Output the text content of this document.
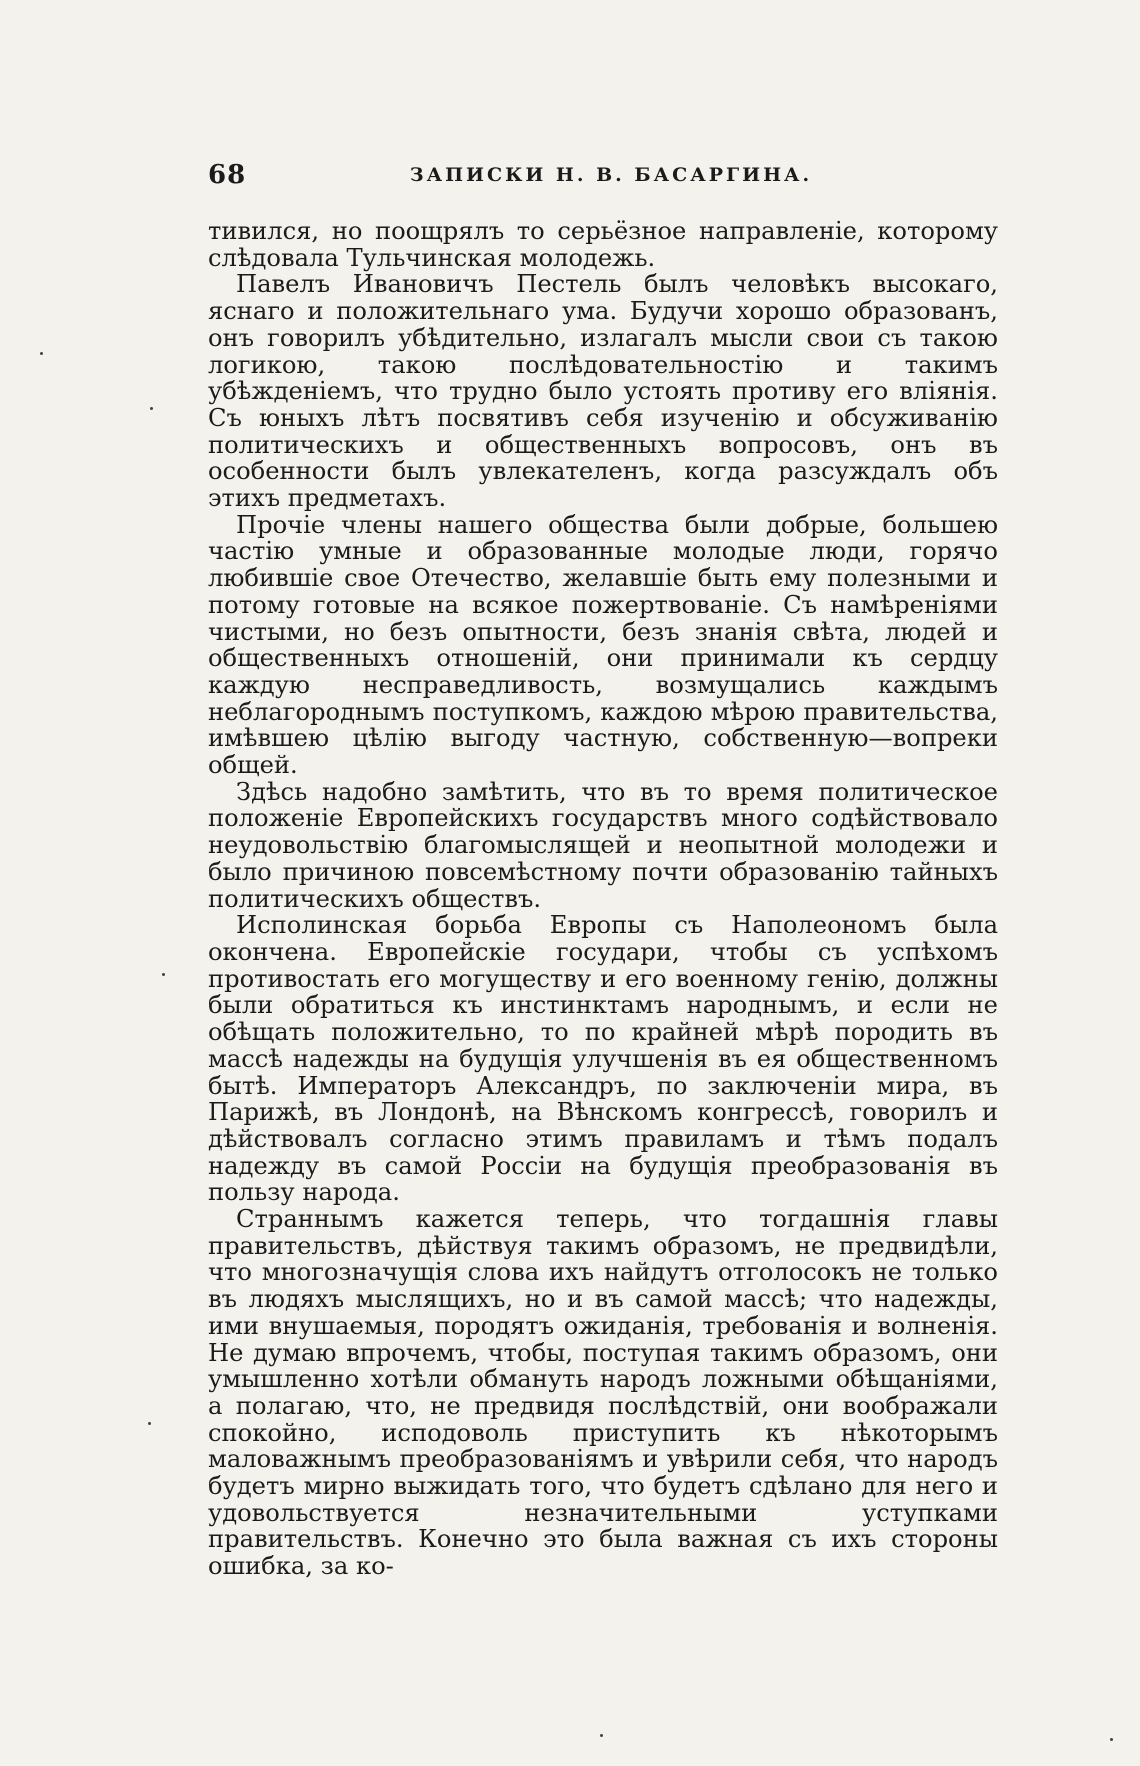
68	ЗАПИСКИ Н. В. БАСАРГИНА.

тивился, но поощрялъ то серьёзное направленіе, которому слѣдовала Тульчинская молодежь.

Павелъ Ивановичъ Пестель былъ человѣкъ высокаго, яснаго и положительнаго ума. Будучи хорошо образованъ, онъ говорилъ убѣдительно, излагалъ мысли свои съ такою логикою, такою послѣдовательностію и такимъ убѣжденіемъ, что трудно было устоять противу его вліянія. Съ юныхъ лѣтъ посвятивъ себя изученію и обсуживанію политическихъ и общественныхъ вопросовъ, онъ въ особенности былъ увлекателенъ, когда разсуждалъ объ этихъ предметахъ.

Прочіе члены нашего общества были добрые, большею частію умные и образованные молодые люди, горячо любившіе свое Отечество, желавшіе быть ему полезными и потому готовые на всякое пожертвованіе. Съ намѣреніями чистыми, но безъ опытности, безъ знанія свѣта, людей и общественныхъ отношеній, они принимали къ сердцу каждую несправедливость, возмущались каждымъ неблагороднымъ поступкомъ, каждою мѣрою правительства, имѣвшею цѣлію выгоду частную, собственную—вопреки общей.

Здѣсь надобно замѣтить, что въ то время политическое положеніе Европейскихъ государствъ много содѣйствовало неудовольствію благомыслящей и неопытной молодежи и было причиною повсемѣстному почти образованію тайныхъ политическихъ обществъ.

Исполинская борьба Европы съ Наполеономъ была окончена. Европейскіе государи, чтобы съ успѣхомъ противостать его могуществу и его военному генію, должны были обратиться къ инстинктамъ народнымъ, и если не обѣщать положительно, то по крайней мѣрѣ породить въ массѣ надежды на будущія улучшенія въ ея общественномъ бытѣ. Императоръ Александръ, по заключеніи мира, въ Парижѣ, въ Лондонѣ, на Вѣнскомъ конгрессѣ, говорилъ и дѣйствовалъ согласно этимъ правиламъ и тѣмъ подалъ надежду въ самой Россіи на будущія преобразованія въ пользу народа.

Страннымъ кажется теперь, что тогдашнія главы правительствъ, дѣйствуя такимъ образомъ, не предвидѣли, что многозначущія слова ихъ найдутъ отголосокъ не только въ людяхъ мыслящихъ, но и въ самой массѣ; что надежды, ими внушаемыя, породятъ ожиданія, требованія и волненія. Не думаю впрочемъ, чтобы, поступая такимъ образомъ, они умышленно хотѣли обмануть народъ ложными обѣщаніями, а полагаю, что, не предвидя послѣдствій, они воображали спокойно, исподоволь приступить къ нѣкоторымъ маловажнымъ преобразованіямъ и увѣрили себя, что народъ будетъ мирно выжидать того, что будетъ сдѣлано для него и удовольствуется незначительными уступками правительствъ. Конечно это была важная съ ихъ стороны ошибка, за ко-
